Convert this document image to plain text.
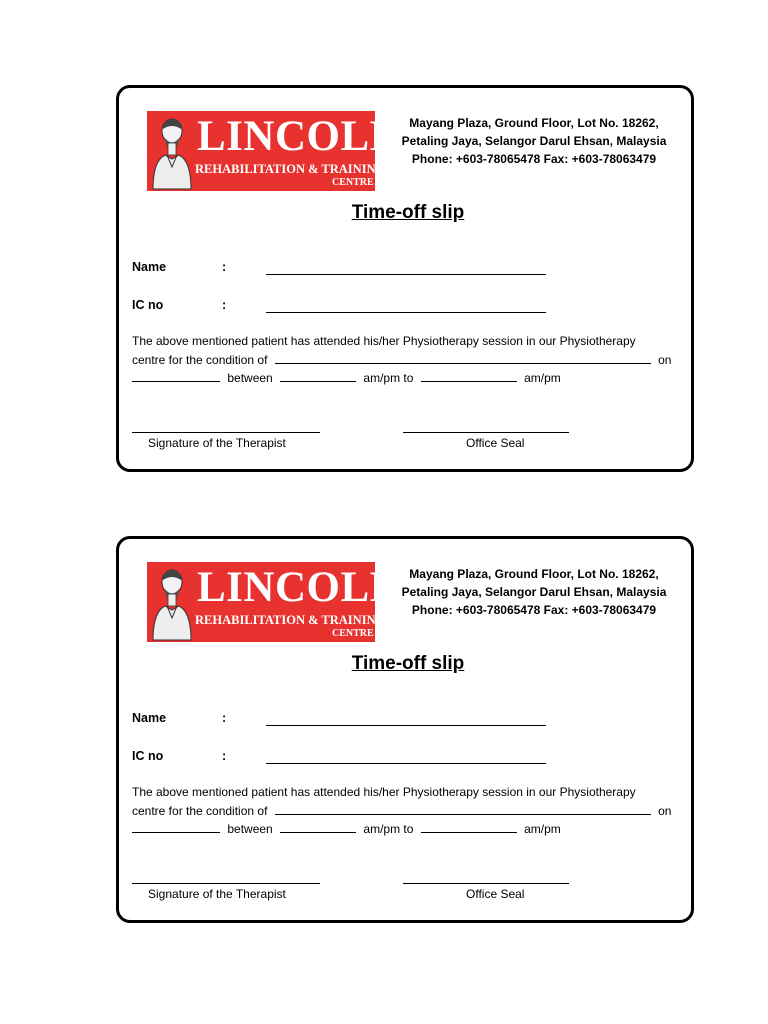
LINCOLN
REHABILITATION & TRAINING
CENTRE
Mayang Plaza, Ground Floor, Lot No. 18262,
Petaling Jaya, Selangor Darul Ehsan, Malaysia
Phone: +603-78065478 Fax: +603-78063479
Time-off slip
Name	:
IC no	:
The above mentioned patient has attended his/her Physiotherapy session in our Physiotherapy
centre for the condition of	on
between	am/pm to	am/pm
Signature of the Therapist	Office Seal
LINCOLN
REHABILITATION & TRAINING
CENTRE
Mayang Plaza, Ground Floor, Lot No. 18262,
Petaling Jaya, Selangor Darul Ehsan, Malaysia
Phone: +603-78065478 Fax: +603-78063479
Time-off slip
Name	:
IC no	:
The above mentioned patient has attended his/her Physiotherapy session in our Physiotherapy
centre for the condition of	on
between	am/pm to	am/pm
Signature of the Therapist	Office Seal
